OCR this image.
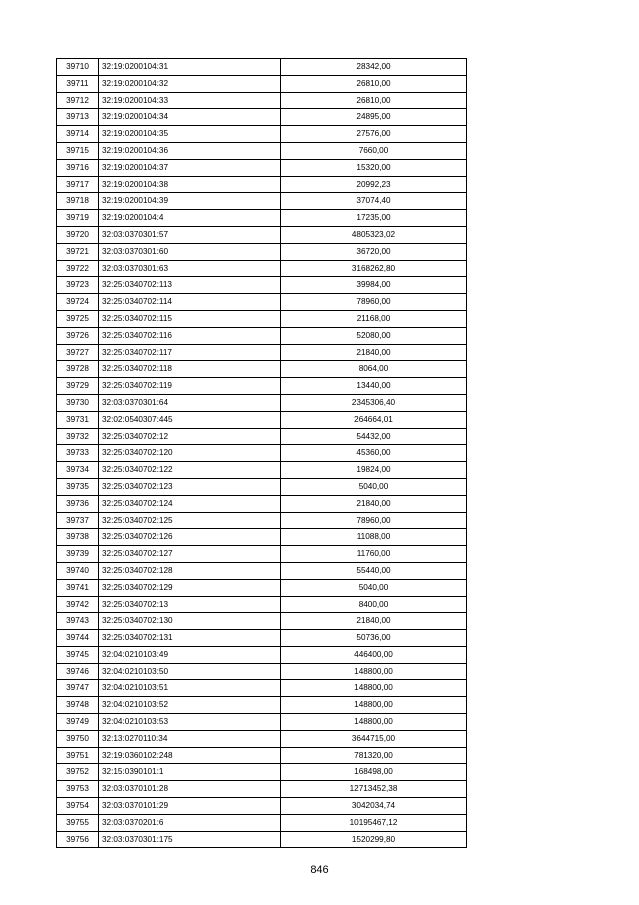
39710	32:19:0200104:31	28342,00
39711	32:19:0200104:32	26810,00
39712	32:19:0200104:33	26810,00
39713	32:19:0200104:34	24895,00
39714	32:19:0200104:35	27576,00
39715	32:19:0200104:36	7660,00
39716	32:19:0200104:37	15320,00
39717	32:19:0200104:38	20992,23
39718	32:19:0200104:39	37074,40
39719	32:19:0200104:4	17235,00
39720	32:03:0370301:57	4805323,02
39721	32:03:0370301:60	36720,00
39722	32:03:0370301:63	3168262,80
39723	32:25:0340702:113	39984,00
39724	32:25:0340702:114	78960,00
39725	32:25:0340702:115	21168,00
39726	32:25:0340702:116	52080,00
39727	32:25:0340702:117	21840,00
39728	32:25:0340702:118	8064,00
39729	32:25:0340702:119	13440,00
39730	32:03:0370301:64	2345306,40
39731	32:02:0540307:445	264664,01
39732	32:25:0340702:12	54432,00
39733	32:25:0340702:120	45360,00
39734	32:25:0340702:122	19824,00
39735	32:25:0340702:123	5040,00
39736	32:25:0340702:124	21840,00
39737	32:25:0340702:125	78960,00
39738	32:25:0340702:126	11088,00
39739	32:25:0340702:127	11760,00
39740	32:25:0340702:128	55440,00
39741	32:25:0340702:129	5040,00
39742	32:25:0340702:13	8400,00
39743	32:25:0340702:130	21840,00
39744	32:25:0340702:131	50736,00
39745	32:04:0210103:49	446400,00
39746	32:04:0210103:50	148800,00
39747	32:04:0210103:51	148800,00
39748	32:04:0210103:52	148800,00
39749	32:04:0210103:53	148800,00
39750	32:13:0270110:34	3644715,00
39751	32:19:0360102:248	781320,00
39752	32:15:0390101:1	168498,00
39753	32:03:0370101:28	12713452,38
39754	32:03:0370101:29	3042034,74
39755	32:03:0370201:6	10195467,12
39756	32:03:0370301:175	1520299,80
846
